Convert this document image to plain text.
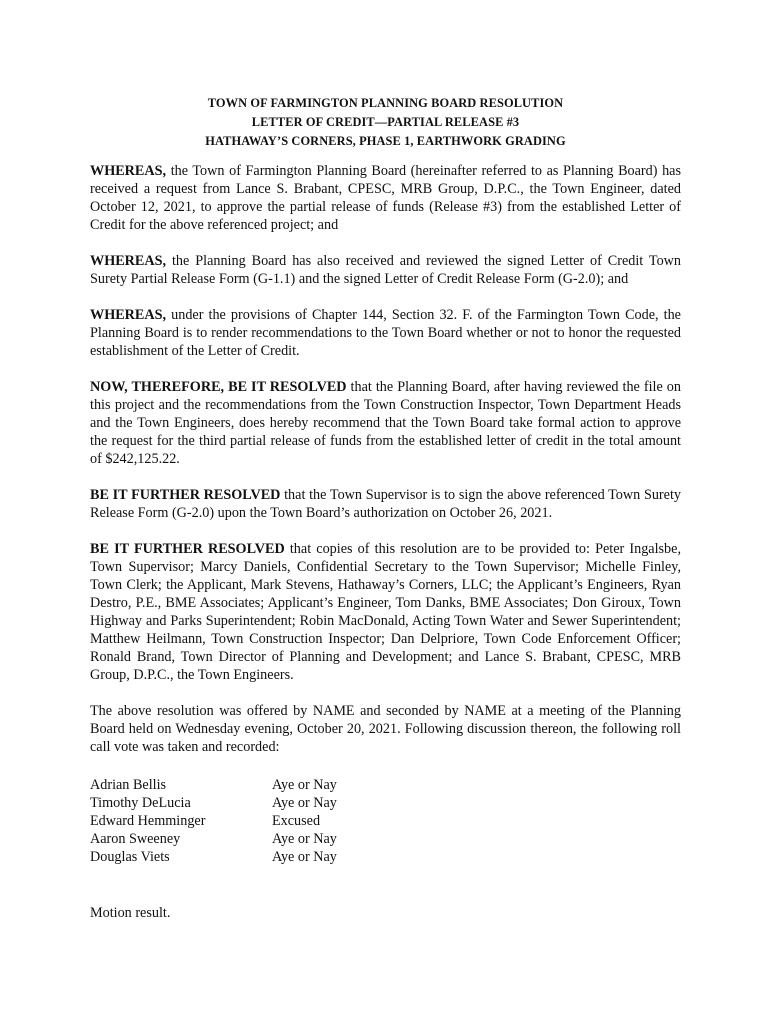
TOWN OF FARMINGTON PLANNING BOARD RESOLUTION
LETTER OF CREDIT—PARTIAL RELEASE #3
HATHAWAY’S CORNERS, PHASE 1, EARTHWORK GRADING

WHEREAS, the Town of Farmington Planning Board (hereinafter referred to as Planning Board) has received a request from Lance S. Brabant, CPESC, MRB Group, D.P.C., the Town Engineer, dated October 12, 2021, to approve the partial release of funds (Release #3) from the established Letter of Credit for the above referenced project; and

WHEREAS, the Planning Board has also received and reviewed the signed Letter of Credit Town Surety Partial Release Form (G-1.1) and the signed Letter of Credit Release Form (G-2.0); and

WHEREAS, under the provisions of Chapter 144, Section 32. F. of the Farmington Town Code, the Planning Board is to render recommendations to the Town Board whether or not to honor the requested establishment of the Letter of Credit.

NOW, THEREFORE, BE IT RESOLVED that the Planning Board, after having reviewed the file on this project and the recommendations from the Town Construction Inspector, Town Department Heads and the Town Engineers, does hereby recommend that the Town Board take formal action to approve the request for the third partial release of funds from the established letter of credit in the total amount of $242,125.22.

BE IT FURTHER RESOLVED that the Town Supervisor is to sign the above referenced Town Surety Release Form (G-2.0) upon the Town Board’s authorization on October 26, 2021.

BE IT FURTHER RESOLVED that copies of this resolution are to be provided to: Peter Ingalsbe, Town Supervisor; Marcy Daniels, Confidential Secretary to the Town Supervisor; Michelle Finley, Town Clerk; the Applicant, Mark Stevens, Hathaway’s Corners, LLC; the Applicant’s Engineers, Ryan Destro, P.E., BME Associates; Applicant’s Engineer, Tom Danks, BME Associates; Don Giroux, Town Highway and Parks Superintendent; Robin MacDonald, Acting Town Water and Sewer Superintendent; Matthew Heilmann, Town Construction Inspector; Dan Delpriore, Town Code Enforcement Officer; Ronald Brand, Town Director of Planning and Development; and Lance S. Brabant, CPESC, MRB Group, D.P.C., the Town Engineers.

The above resolution was offered by NAME and seconded by NAME at a meeting of the Planning Board held on Wednesday evening, October 20, 2021. Following discussion thereon, the following roll call vote was taken and recorded:

Adrian Bellis	Aye or Nay
Timothy DeLucia	Aye or Nay
Edward Hemminger	Excused
Aaron Sweeney	Aye or Nay
Douglas Viets	Aye or Nay

Motion result.
